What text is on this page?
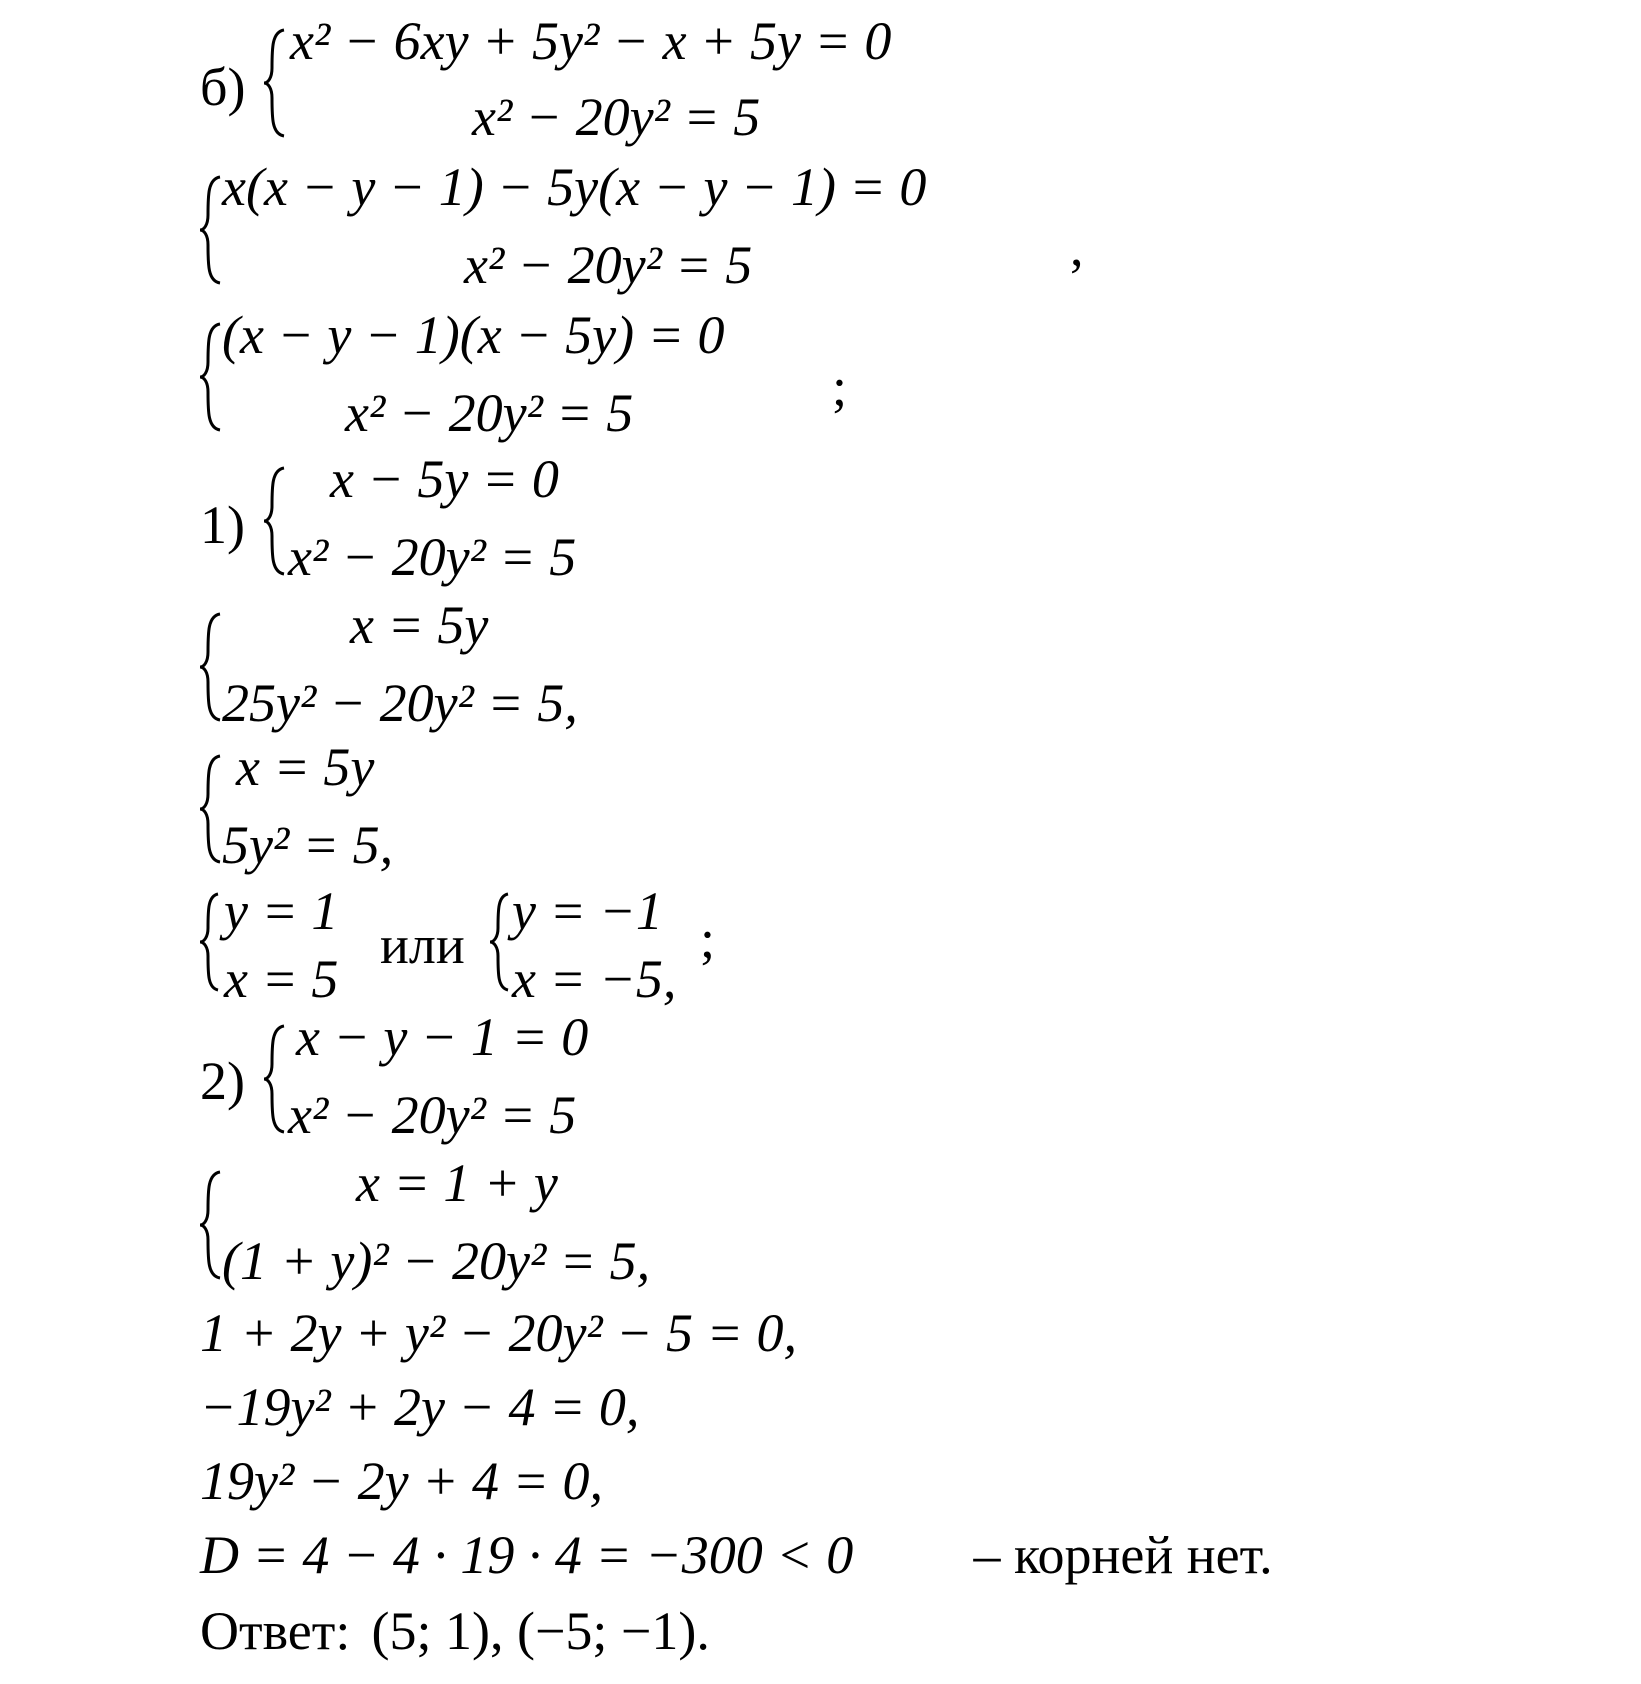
б)
x² − 6xy + 5y² − x + 5y = 0
x² − 20y² = 5
x(x − y − 1) − 5y(x − y − 1) = 0
x² − 20y² = 5	,
(x − y − 1)(x − 5y) = 0
x² − 20y² = 5	;
1)
x − 5y = 0
x² − 20y² = 5
x = 5y
25y² − 20y² = 5,
x = 5y
5y² = 5,
y = 1
x = 5
или
y = −1
x = −5,
;
2)
x − y − 1 = 0
x² − 20y² = 5
x = 1 + y
(1 + y)² − 20y² = 5,
1 + 2y + y² − 20y² − 5 = 0,
−19y² + 2y − 4 = 0,
19y² − 2y + 4 = 0,
D = 4 − 4 · 19 · 4 = −300 < 0 – корней нет.
Ответ: (5; 1), (−5; −1).
